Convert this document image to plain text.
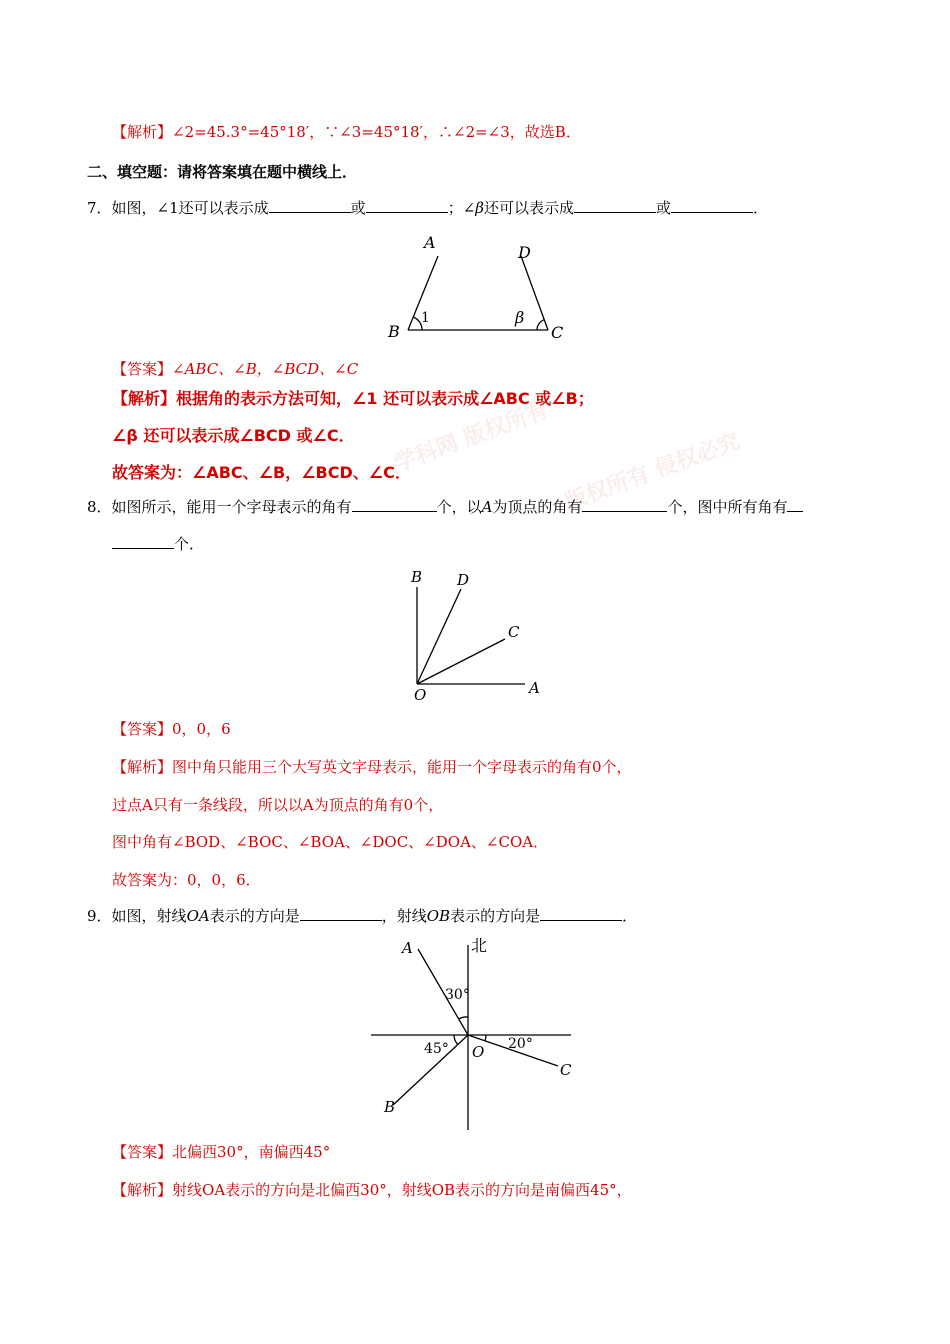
学科网 版权所有
版权所有 侵权必究
【解析】∠2=45.3°=45°18′，∵∠3=45°18′，∴∠2=∠3，故选B．
二、填空题：请将答案填在题中横线上．
7．如图，∠1还可以表示成	或	；∠β还可以表示成	或	．
A
D
B	C
1	β
【答案】∠ABC、∠B，∠BCD、∠C
【解析】根据角的表示方法可知，∠1 还可以表示成∠ABC 或∠B；
∠β 还可以表示成∠BCD 或∠C．
故答案为：∠ABC、∠B，∠BCD、∠C．
8．如图所示，能用一个字母表示的角有	个，以A为顶点的角有	个，图中所有角有
个．
B D
C
A
O
【答案】0，0，6
【解析】图中角只能用三个大写英文字母表示，能用一个字母表示的角有0个，
过点A只有一条线段，所以以A为顶点的角有0个，
图中角有∠BOD、∠BOC、∠BOA、∠DOC、∠DOA、∠COA．
故答案为：0，0，6．
9．如图，射线OA表示的方向是	，射线OB表示的方向是	．
北
A
B
C
O
30°
45°	20°
【答案】北偏西30°，南偏西45°
【解析】射线OA表示的方向是北偏西30°，射线OB表示的方向是南偏西45°，
